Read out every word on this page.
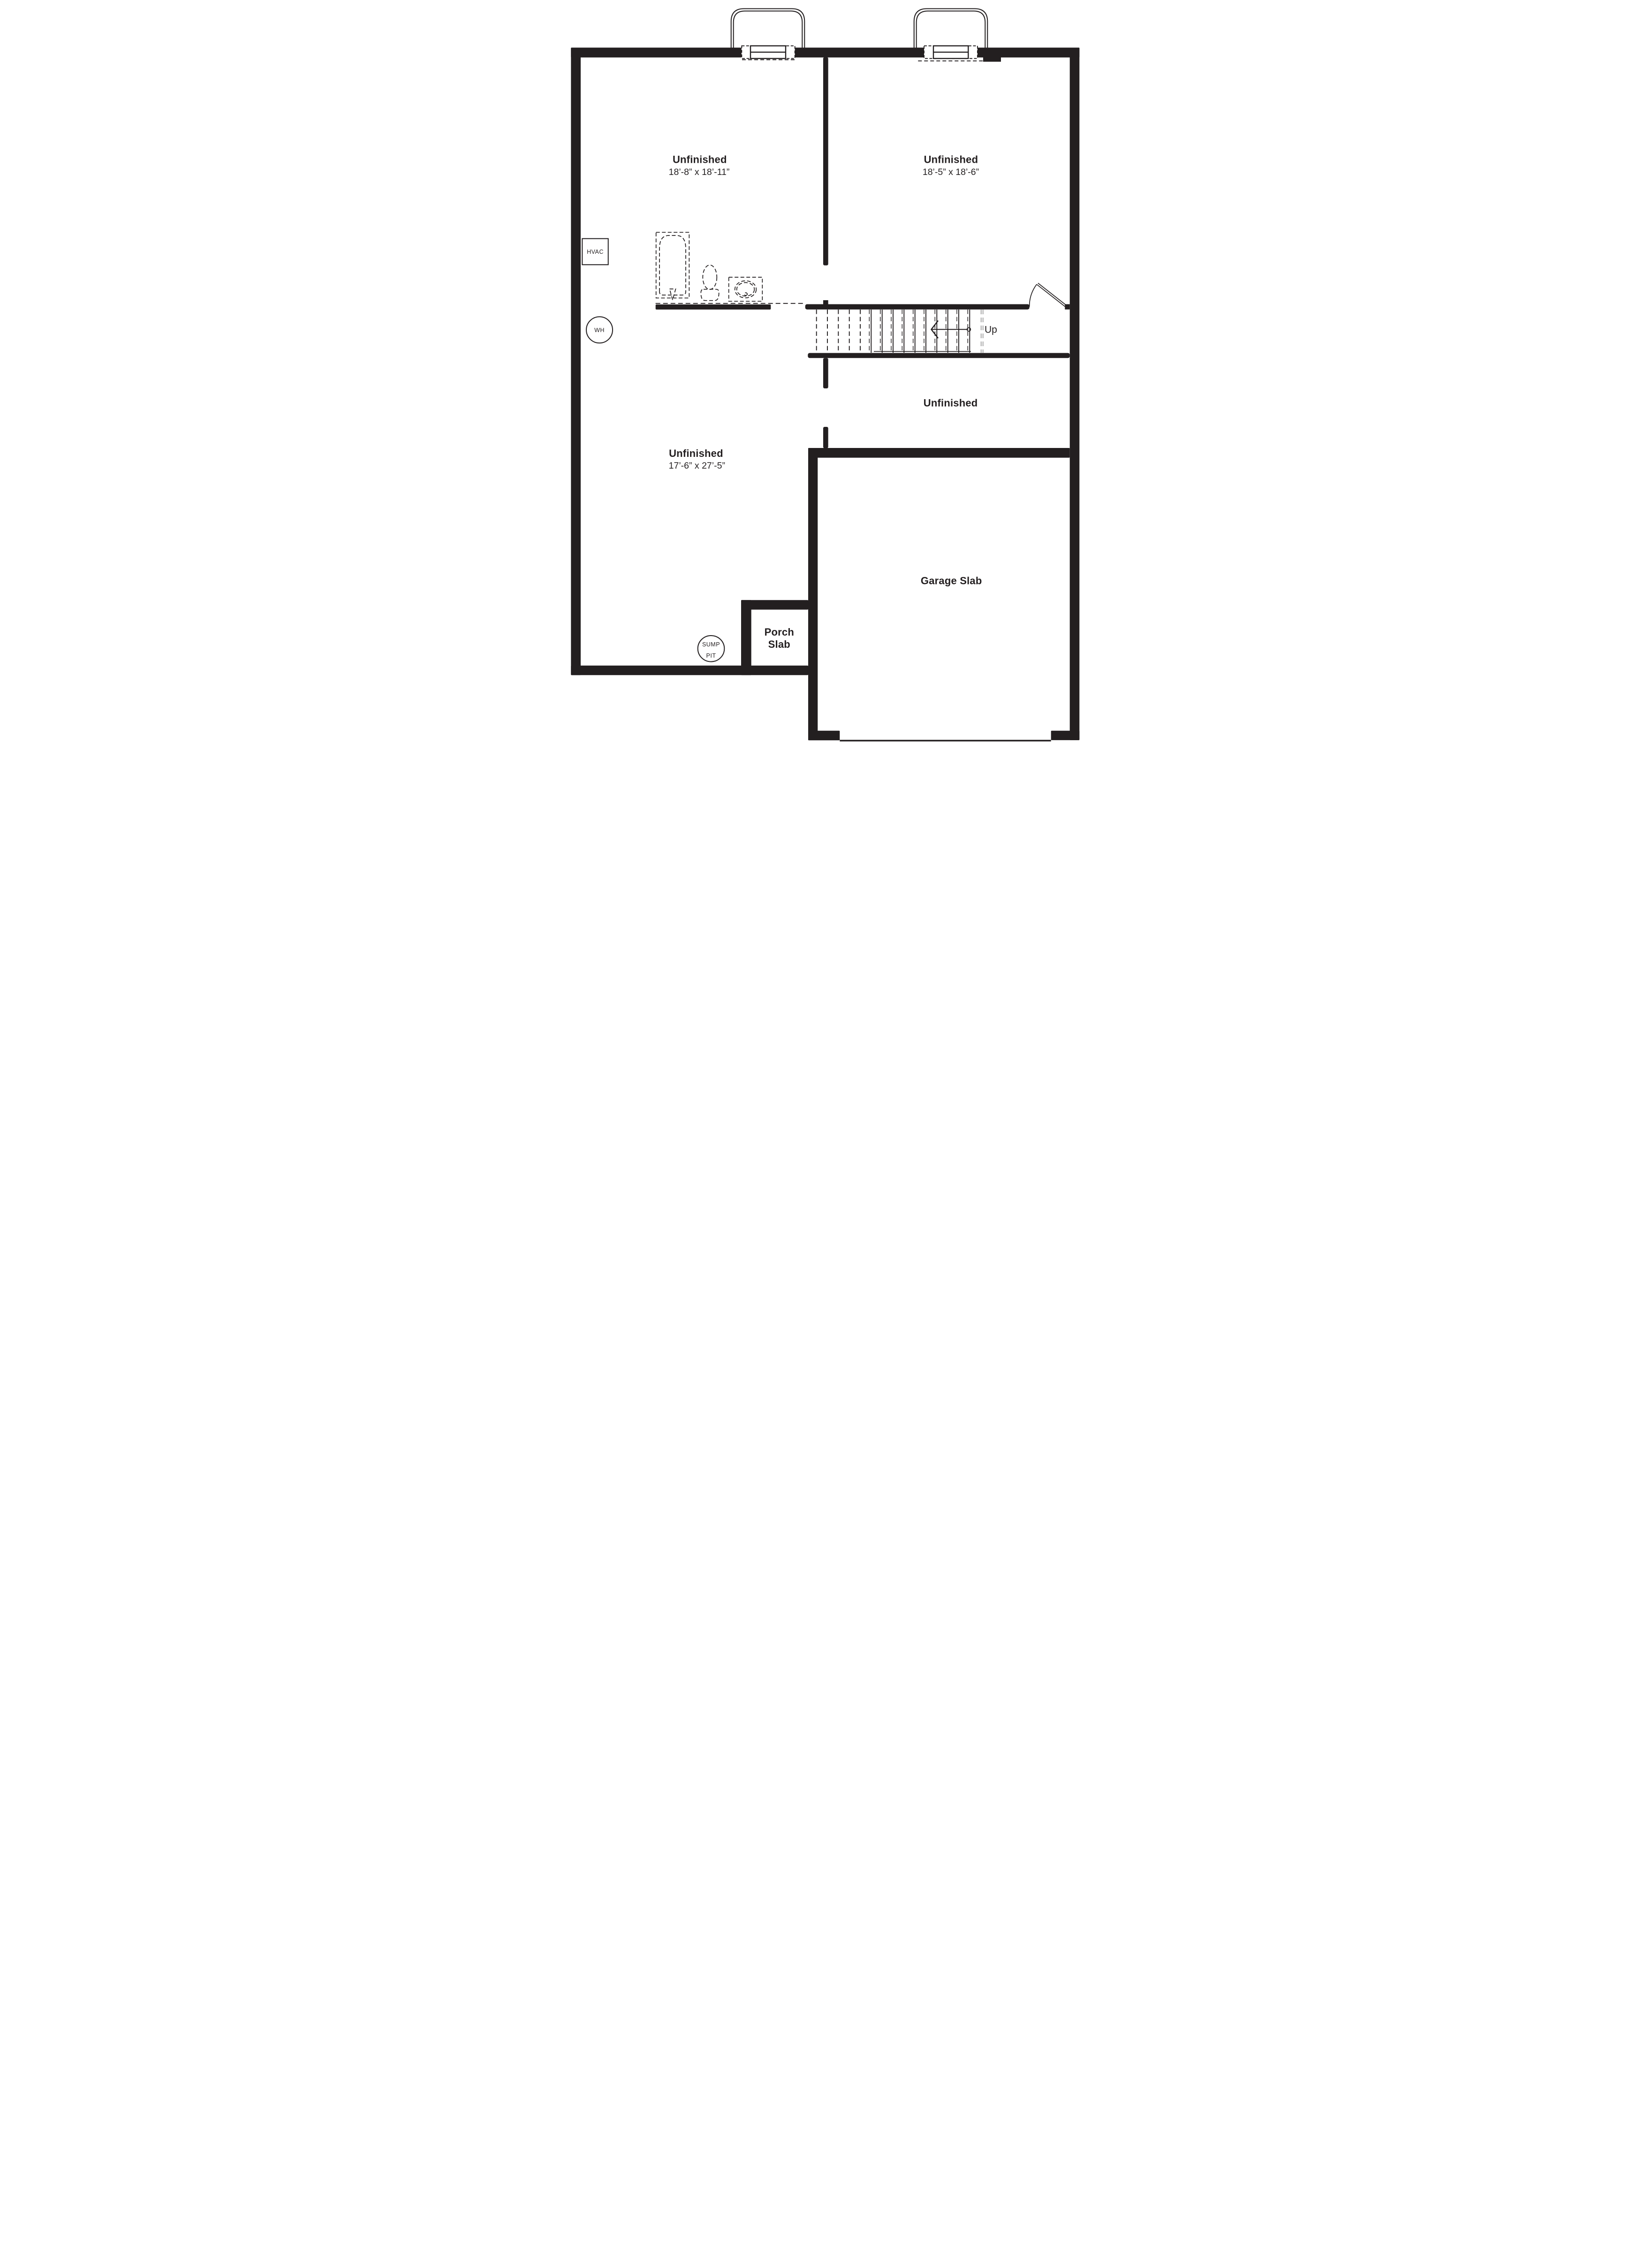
Up
HVAC
WH
SUMP
PIT
Unfinished
18’-8” x 18’-11”
Unfinished
18’-5” x 18’-6”
Unfinished
Unfinished
17’-6” x 27’-5”
Garage Slab
Porch
Slab
